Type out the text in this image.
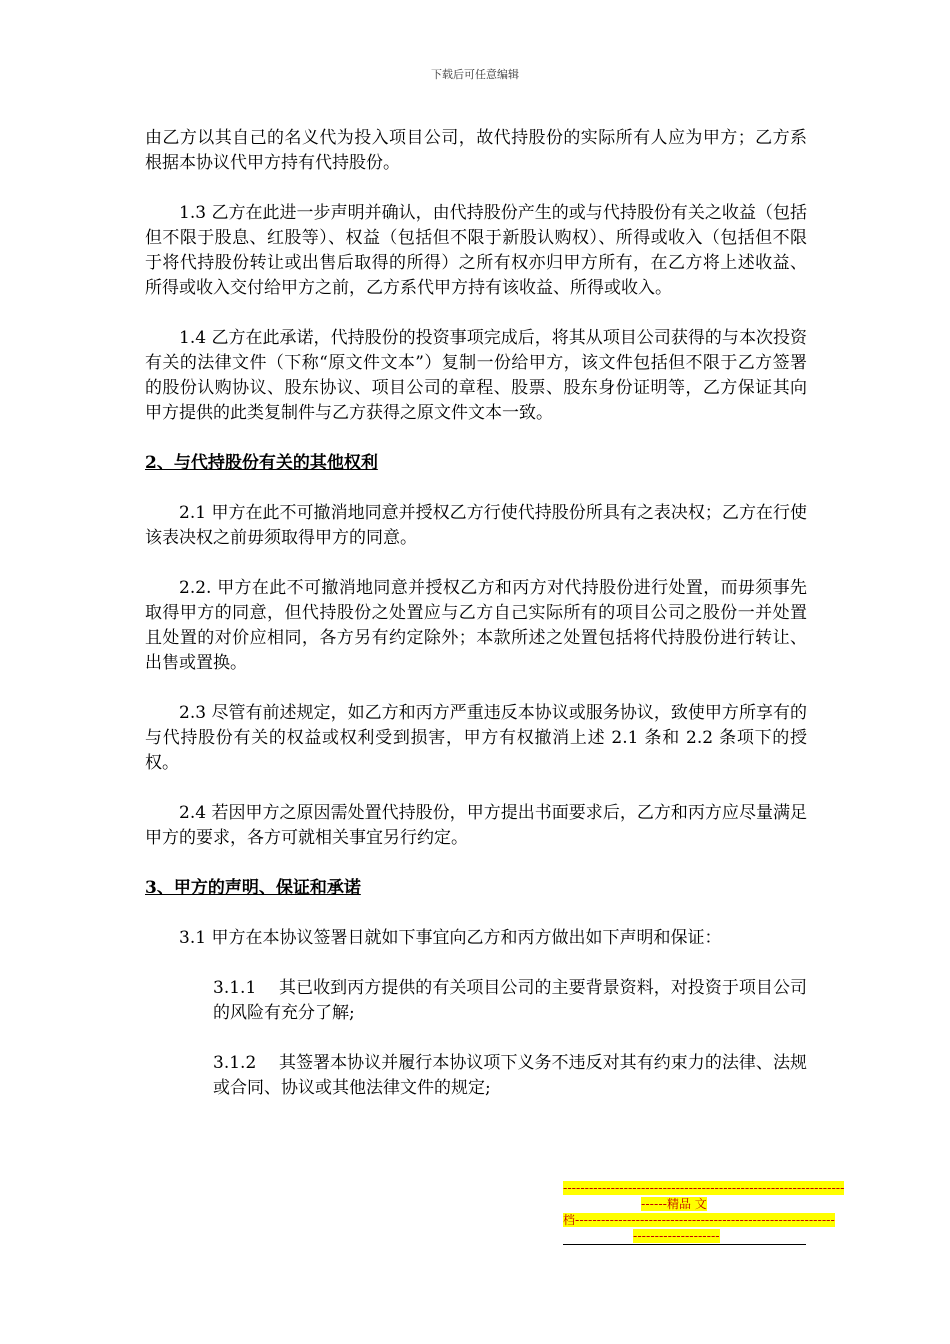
下载后可任意编辑

由乙方以其自己的名义代为投入项目公司，故代持股份的实际所有人应为甲方；乙方系根据本协议代甲方持有代持股份。

1.3 乙方在此进一步声明并确认，由代持股份产生的或与代持股份有关之收益（包括但不限于股息、红股等）、权益（包括但不限于新股认购权）、所得或收入（包括但不限于将代持股份转让或出售后取得的所得）之所有权亦归甲方所有，在乙方将上述收益、所得或收入交付给甲方之前，乙方系代甲方持有该收益、所得或收入。

1.4 乙方在此承诺，代持股份的投资事项完成后，将其从项目公司获得的与本次投资有关的法律文件（下称“原文件文本”）复制一份给甲方，该文件包括但不限于乙方签署的股份认购协议、股东协议、项目公司的章程、股票、股东身份证明等，乙方保证其向甲方提供的此类复制件与乙方获得之原文件文本一致。

2、与代持股份有关的其他权利

2.1 甲方在此不可撤消地同意并授权乙方行使代持股份所具有之表决权；乙方在行使该表决权之前毋须取得甲方的同意。

2.2. 甲方在此不可撤消地同意并授权乙方和丙方对代持股份进行处置，而毋须事先取得甲方的同意，但代持股份之处置应与乙方自己实际所有的项目公司之股份一并处置且处置的对价应相同，各方另有约定除外；本款所述之处置包括将代持股份进行转让、出售或置换。

2.3 尽管有前述规定，如乙方和丙方严重违反本协议或服务协议，致使甲方所享有的与代持股份有关的权益或权利受到损害，甲方有权撤消上述 2.1 条和 2.2 条项下的授权。

2.4 若因甲方之原因需处置代持股份，甲方提出书面要求后，乙方和丙方应尽量满足甲方的要求，各方可就相关事宜另行约定。

3、甲方的声明、保证和承诺

3.1 甲方在本协议签署日就如下事宜向乙方和丙方做出如下声明和保证：

3.1.1 其已收到丙方提供的有关项目公司的主要背景资料，对投资于项目公司的风险有充分了解;

3.1.2 其签署本协议并履行本协议项下义务不违反对其有约束力的法律、法规或合同、协议或其他法律文件的规定;

-----------------------------------------------------------------
------精品 文
档------------------------------------------------------------
--------------------
